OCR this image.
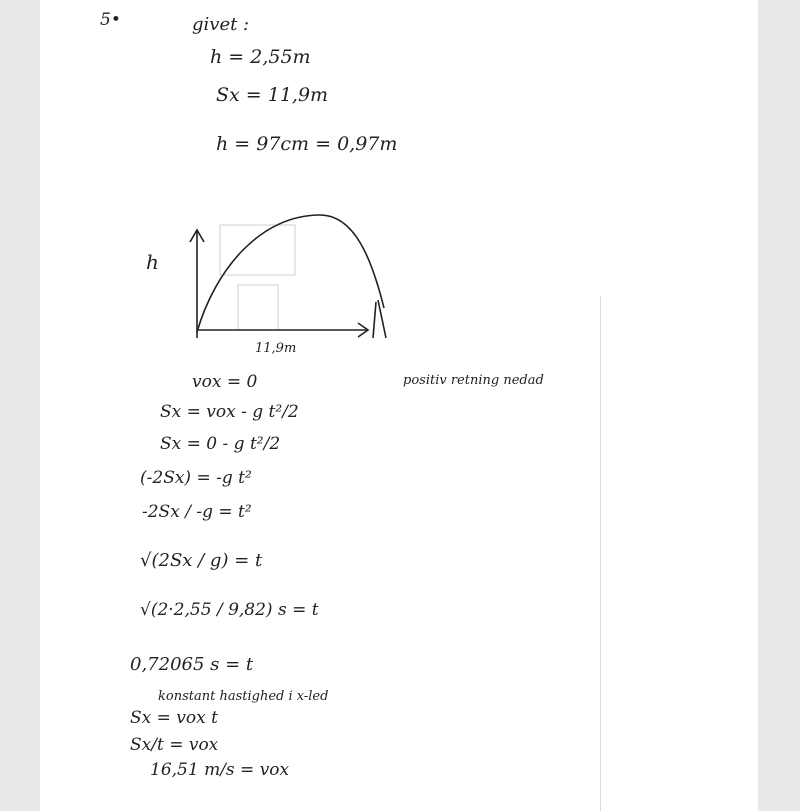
5•	givet :
h = 2,55m
Sx = 11,9m
h = 97cm = 0,97m
h
11,9m
vox = 0	positiv retning nedad
Sx = vox - g t²/2
Sx = 0 - g t²/2
(-2Sx) = -g t²
-2Sx / -g = t²
√(2Sx / g) = t
√(2·2,55 / 9,82) s = t
0,72065 s = t
konstant hastighed i x-led
Sx = vox t
Sx/t = vox
16,51 m/s = vox
